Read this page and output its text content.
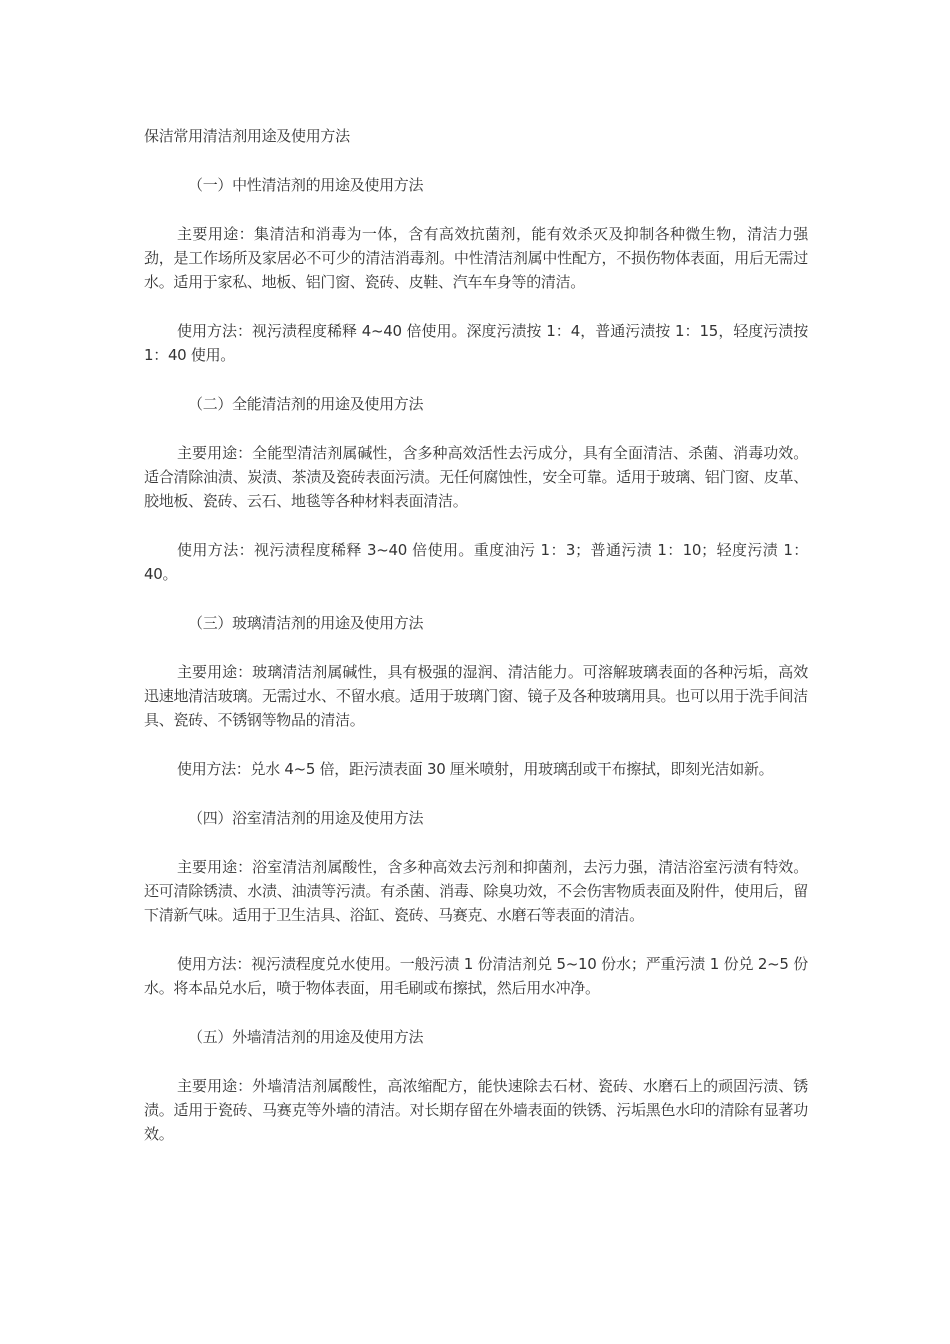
保洁常用清洁剂用途及使用方法

（一）中性清洁剂的用途及使用方法

主要用途：集清洁和消毒为一体，含有高效抗菌剂，能有效杀灭及抑制各种微生物，清洁力强劲，是工作场所及家居必不可少的清洁消毒剂。中性清洁剂属中性配方，不损伤物体表面，用后无需过水。适用于家私、地板、铝门窗、瓷砖、皮鞋、汽车车身等的清洁。

使用方法：视污渍程度稀释 4~40 倍使用。深度污渍按 1：4，普通污渍按 1：15，轻度污渍按 1：40 使用。

（二）全能清洁剂的用途及使用方法

主要用途：全能型清洁剂属碱性，含多种高效活性去污成分，具有全面清洁、杀菌、消毒功效。适合清除油渍、炭渍、茶渍及瓷砖表面污渍。无任何腐蚀性，安全可靠。适用于玻璃、铝门窗、皮革、胶地板、瓷砖、云石、地毯等各种材料表面清洁。

使用方法：视污渍程度稀释 3~40 倍使用。重度油污 1：3；普通污渍 1：10；轻度污渍 1：40。

（三）玻璃清洁剂的用途及使用方法

主要用途：玻璃清洁剂属碱性，具有极强的湿润、清洁能力。可溶解玻璃表面的各种污垢，高效迅速地清洁玻璃。无需过水、不留水痕。适用于玻璃门窗、镜子及各种玻璃用具。也可以用于洗手间洁具、瓷砖、不锈钢等物品的清洁。

使用方法：兑水 4~5 倍，距污渍表面 30 厘米喷射，用玻璃刮或干布擦拭，即刻光洁如新。

（四）浴室清洁剂的用途及使用方法

主要用途：浴室清洁剂属酸性，含多种高效去污剂和抑菌剂，去污力强，清洁浴室污渍有特效。还可清除锈渍、水渍、油渍等污渍。有杀菌、消毒、除臭功效，不会伤害物质表面及附件，使用后，留下清新气味。适用于卫生洁具、浴缸、瓷砖、马赛克、水磨石等表面的清洁。

使用方法：视污渍程度兑水使用。一般污渍 1 份清洁剂兑 5~10 份水；严重污渍 1 份兑 2~5 份水。将本品兑水后，喷于物体表面，用毛刷或布擦拭，然后用水冲净。

（五）外墙清洁剂的用途及使用方法

主要用途：外墙清洁剂属酸性，高浓缩配方，能快速除去石材、瓷砖、水磨石上的顽固污渍、锈渍。适用于瓷砖、马赛克等外墙的清洁。对长期存留在外墙表面的铁锈、污垢黑色水印的清除有显著功效。
